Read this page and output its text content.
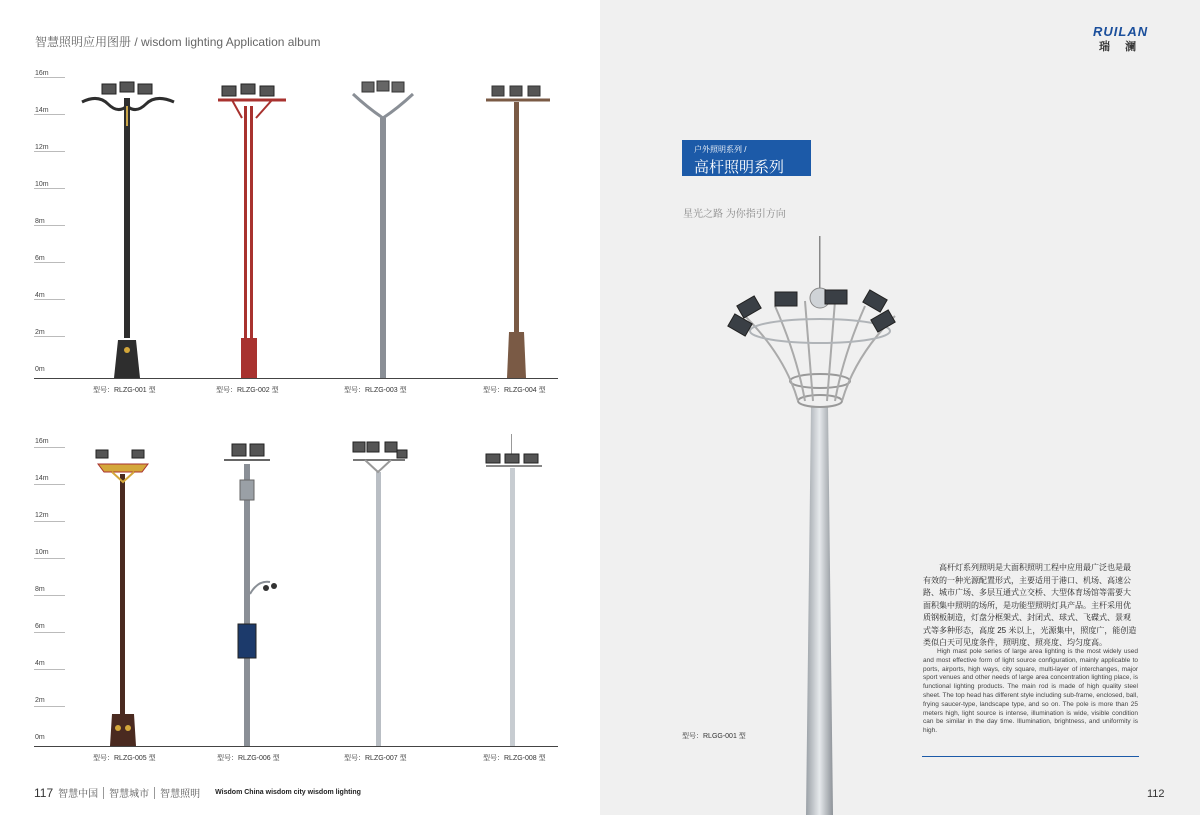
智慧照明应用图册 / wisdom lighting Application album
16m
14m
12m
10m
8m
6m
4m
2m
0m
型号：RLZG-001 型	型号：RLZG-002 型	型号：RLZG-003 型	型号：RLZG-004 型
16m
14m
12m
10m
8m
6m
4m
2m
0m
型号：RLZG-005 型	型号：RLZG-006 型	型号：RLZG-007 型	型号：RLZG-008 型
117 智慧中国 智慧城市 智慧照明 Wisdom China wisdom city wisdom lighting
RUILAN
瑞 澜
户外照明系列 /
高杆照明系列
星光之路 为你指引方向
高杆灯系列照明是大面积照明工程中应用最广泛也是最有效的一种光源配置形式，主要适用于港口、机场、高速公路、城市广场、多层互通式立交桥、大型体育场馆等需要大面积集中照明的场所，是功能型照明灯具产品。主杆采用优质钢板制造，灯盘分框架式、封闭式、球式、飞碟式、景观式等多种形态，高度 25 米以上，光源集中，照度广，能创造类似白天可见度条件，照明度、照亮度、均匀度高。
High mast pole series of large area lighting is the most widely used and most effective form of light source configuration, mainly applicable to ports, airports, high ways, city square, multi-layer of interchanges, major sport venues and other needs of large area concentration lighting place, is functional lighting products. The main rod is made of high quality steel sheet. The top head has different style including sub-frame, enclosed, ball, frying saucer-type, landscape type, and so on. The pole is more than 25 meters high, light source is intense, illumination is wide, visible condition can be similar in the day time. Illumination, brightness, and uniformity is high.
型号：RLGG-001 型
112
